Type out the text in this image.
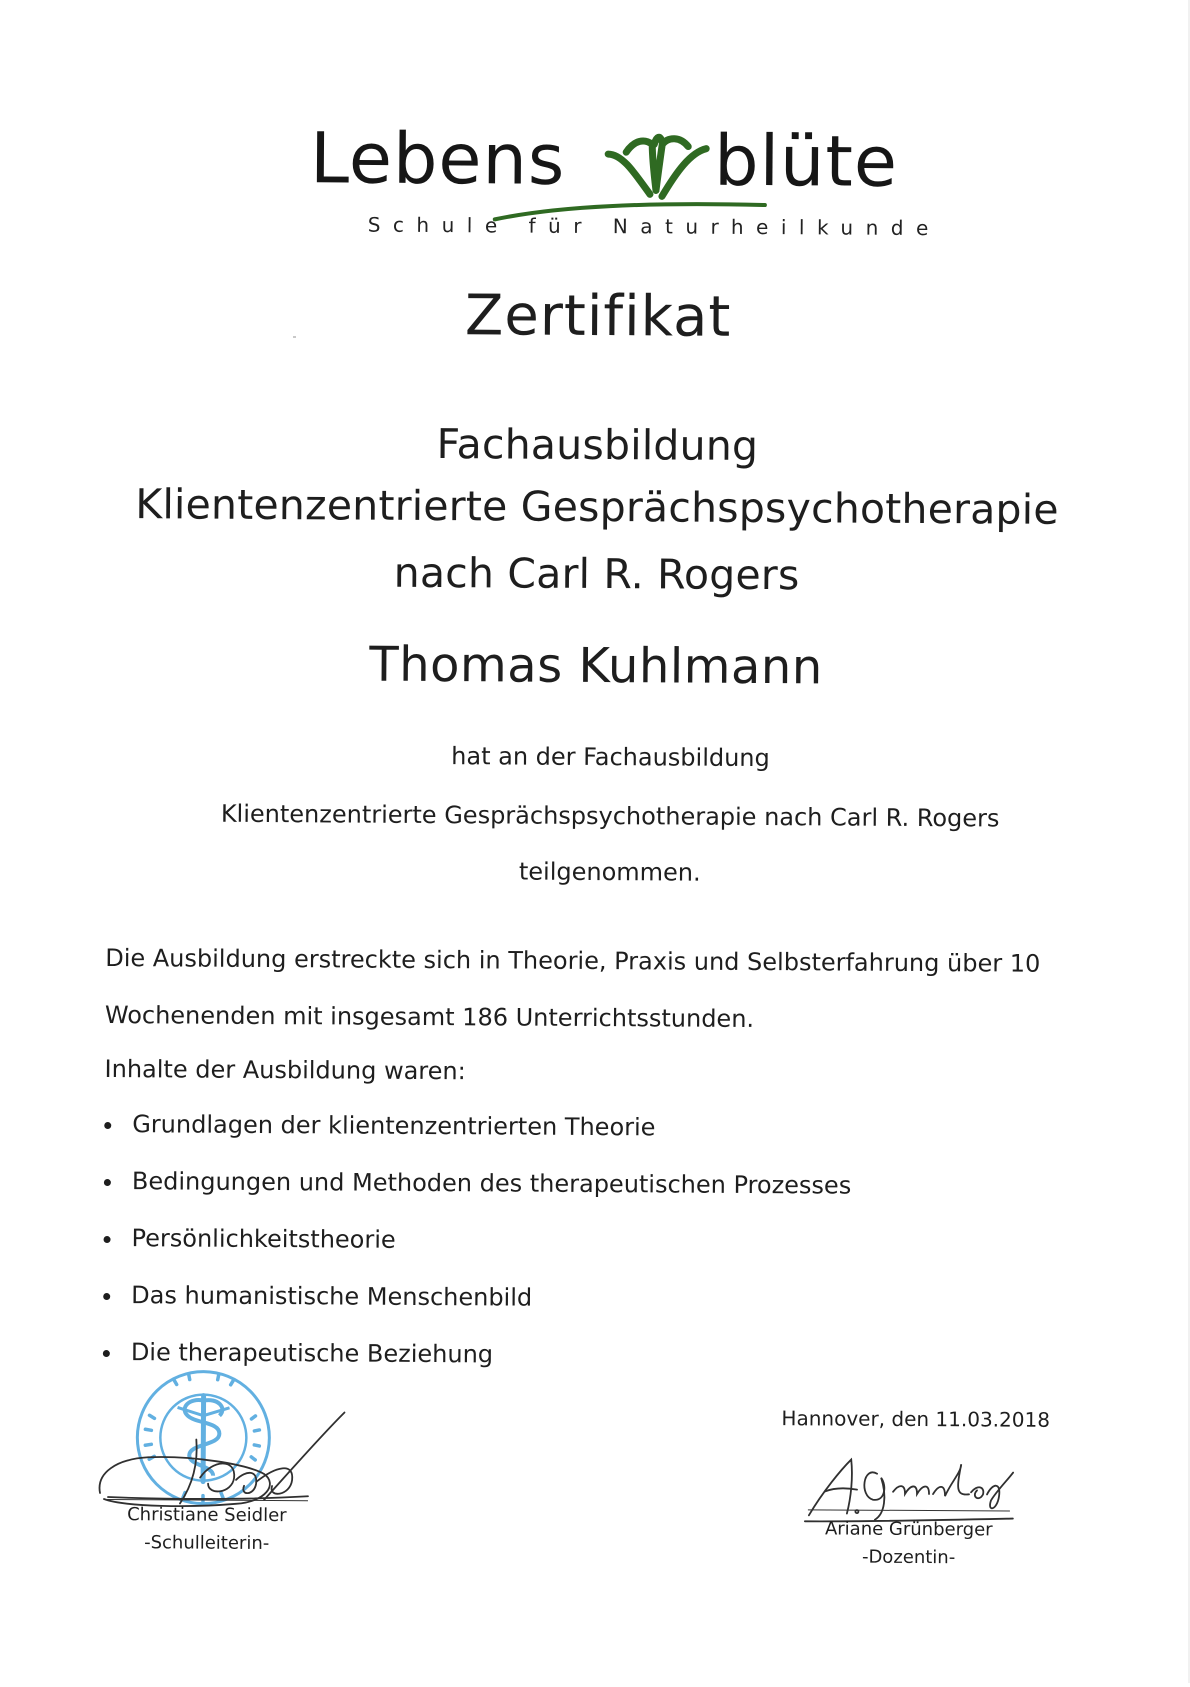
Lebens blüte
Schule für Naturheilkunde
Zertifikat
Fachausbildung
Klientenzentrierte Gesprächspsychotherapie
nach Carl R. Rogers
Thomas Kuhlmann
hat an der Fachausbildung
Klientenzentrierte Gesprächspsychotherapie nach Carl R. Rogers
teilgenommen.
Die Ausbildung erstreckte sich in Theorie, Praxis und Selbsterfahrung über 10
Wochenenden mit insgesamt 186 Unterrichtsstunden.
Inhalte der Ausbildung waren:
Grundlagen der klientenzentrierten Theorie
Bedingungen und Methoden des therapeutischen Prozesses
Persönlichkeitstheorie
Das humanistische Menschenbild
Die therapeutische Beziehung
Hannover, den 11.03.2018
Christiane Seidler
-Schulleiterin-
Ariane Grünberger
-Dozentin-
